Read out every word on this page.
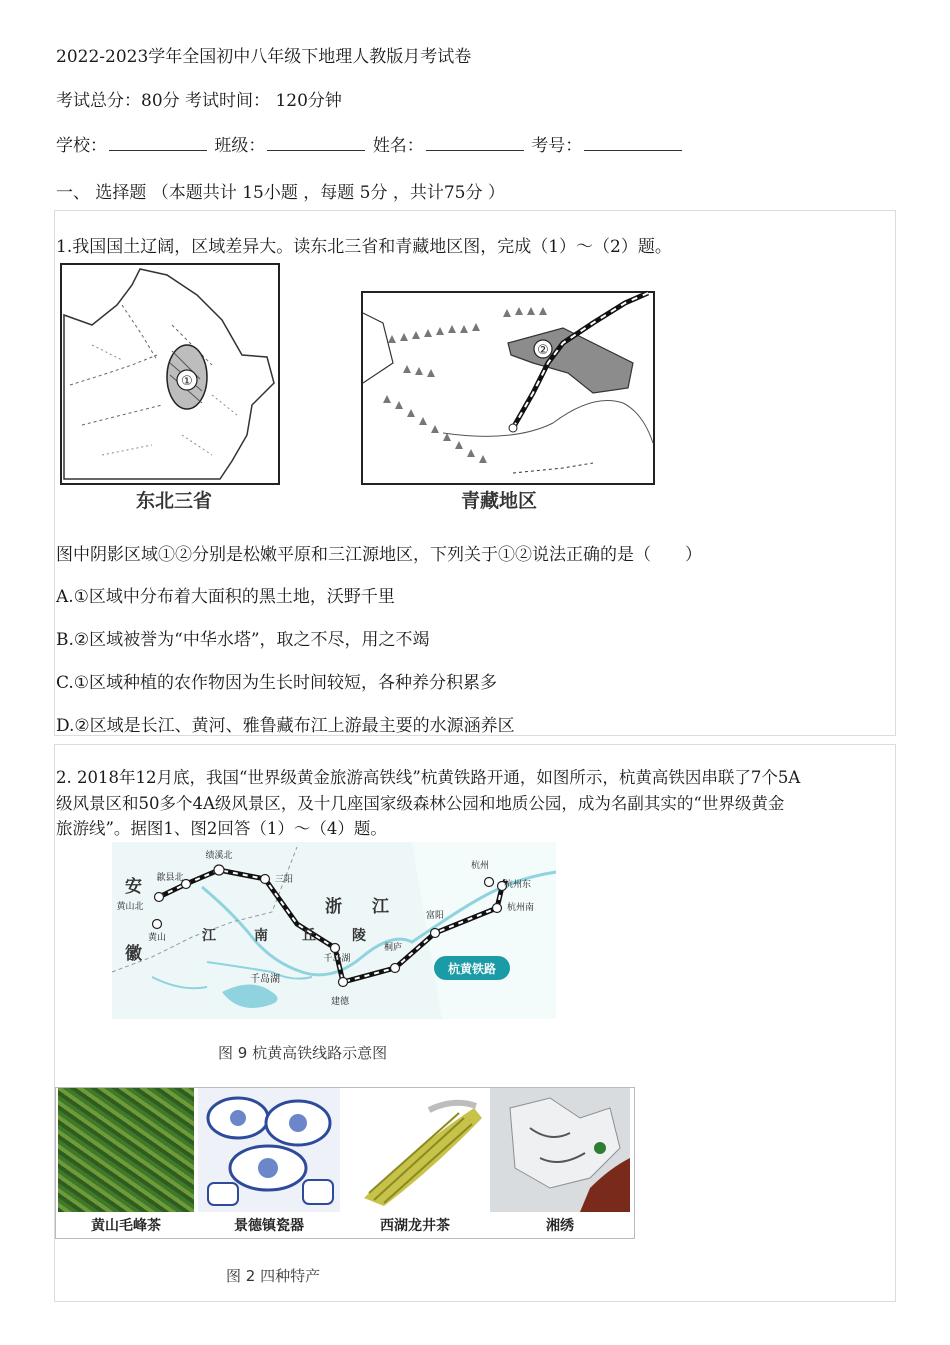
2022-2023学年全国初中八年级下地理人教版月考试卷
考试总分：80分 考试时间： 120分钟
学校：	班级：	姓名：	考号：
一、 选择题 （本题共计 15小题 ，每题 5分 ，共计75分 ）
1.我国国土辽阔，区域差异大。读东北三省和青藏地区图，完成（1）～（2）题。
①
东北三省
②
青藏地区
图中阴影区域①②分别是松嫩平原和三江源地区，下列关于①②说法正确的是（　　）
A.①区域中分布着大面积的黑土地，沃野千里
B.②区域被誉为“中华水塔”，取之不尽，用之不竭
C.①区域种植的农作物因为生长时间较短，各种养分积累多
D.②区域是长江、黄河、雅鲁藏布江上游最主要的水源涵养区
2. 2018年12月底，我国“世界级黄金旅游高铁线”杭黄铁路开通，如图所示，杭黄高铁因串联了7个5A
级风景区和50多个4A级风景区，及十几座国家级森林公园和地质公园，成为名副其实的“世界级黄金
旅游线”。据图1、图2回答（1）～（4）题。
绩溪北
歙县北
黄山北
黄山
三阳
千岛湖
建德
桐庐
富阳
杭州
杭州东
杭州南
安
徽
浙 江
江	南 丘	陵
千岛湖
杭黄铁路
图 9 杭黄高铁线路示意图
黄山毛峰茶	景德镇瓷器	西湖龙井茶	湘绣
图 2 四种特产
